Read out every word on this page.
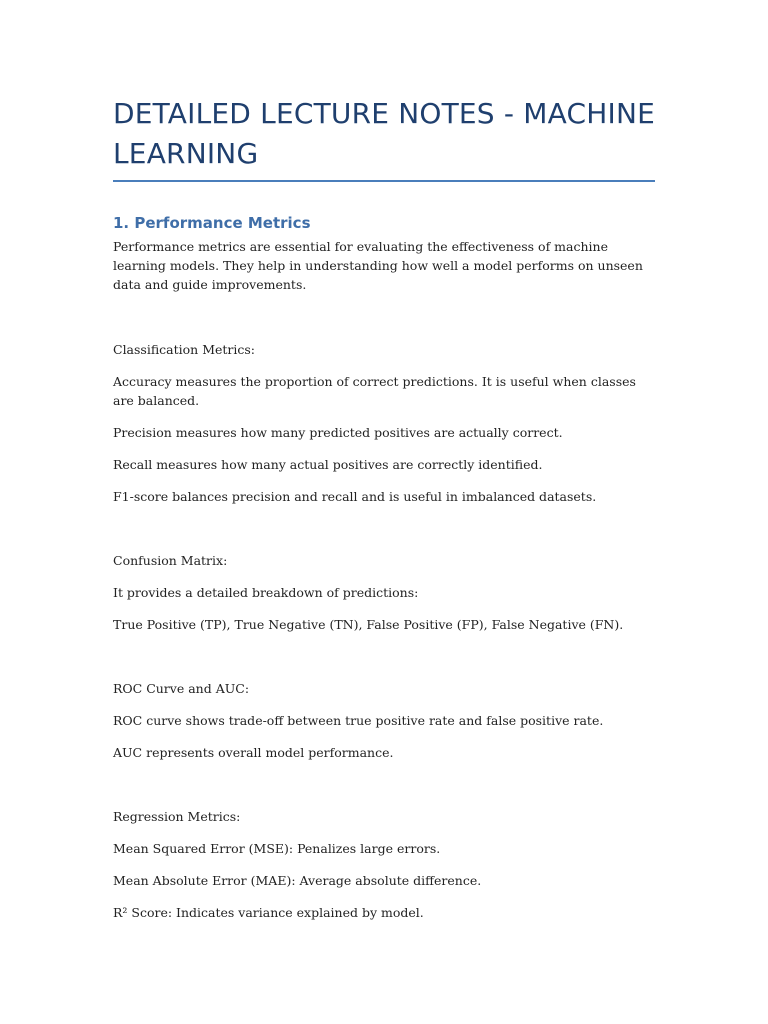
DETAILED LECTURE NOTES - MACHINE LEARNING
1. Performance Metrics

Performance metrics are essential for evaluating the effectiveness of machine learning models. They help in understanding how well a model performs on unseen data and guide improvements.

Classification Metrics:

Accuracy measures the proportion of correct predictions. It is useful when classes are balanced.

Precision measures how many predicted positives are actually correct.

Recall measures how many actual positives are correctly identified.

F1-score balances precision and recall and is useful in imbalanced datasets.

Confusion Matrix:

It provides a detailed breakdown of predictions:

True Positive (TP), True Negative (TN), False Positive (FP), False Negative (FN).

ROC Curve and AUC:

ROC curve shows trade-off between true positive rate and false positive rate.

AUC represents overall model performance.

Regression Metrics:

Mean Squared Error (MSE): Penalizes large errors.

Mean Absolute Error (MAE): Average absolute difference.

R² Score: Indicates variance explained by model.
